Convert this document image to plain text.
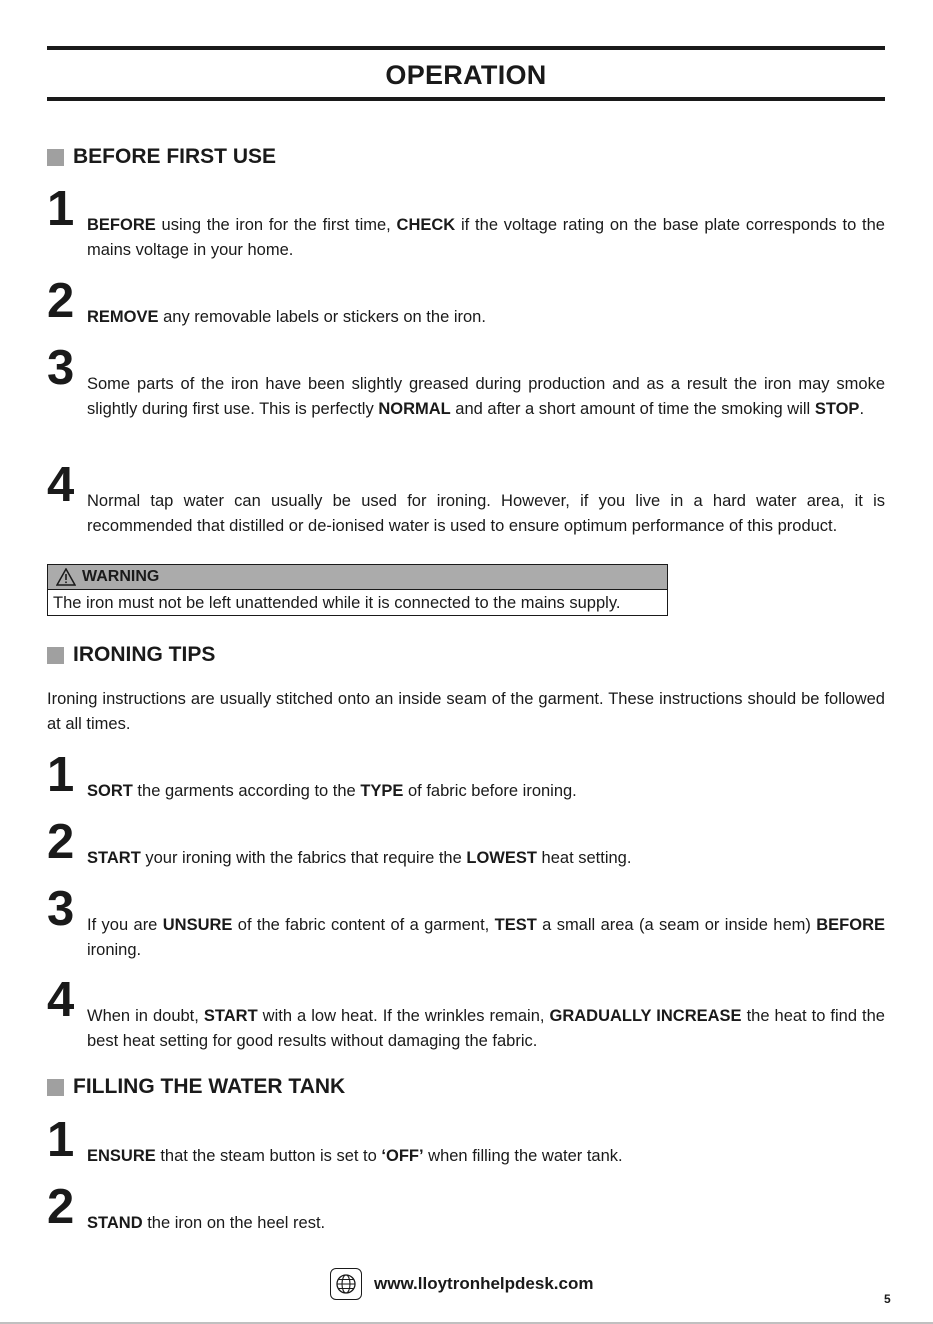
OPERATION
BEFORE FIRST USE
1 BEFORE using the iron for the first time, CHECK if the voltage rating on the base plate corresponds to the mains voltage in your home.
2 REMOVE any removable labels or stickers on the iron.
3 Some parts of the iron have been slightly greased during production and as a result the iron may smoke slightly during first use. This is perfectly NORMAL and after a short amount of time the smoking will STOP.
4 Normal tap water can usually be used for ironing. However, if you live in a hard water area, it is recommended that distilled or de-ionised water is used to ensure optimum performance of this product.
WARNING
The iron must not be left unattended while it is connected to the mains supply.
IRONING TIPS
Ironing instructions are usually stitched onto an inside seam of the garment. These instructions should be followed at all times.
1 SORT the garments according to the TYPE of fabric before ironing.
2 START your ironing with the fabrics that require the LOWEST heat setting.
3 If you are UNSURE of the fabric content of a garment, TEST a small area (a seam or inside hem) BEFORE ironing.
4 When in doubt, START with a low heat. If the wrinkles remain, GRADUALLY INCREASE the heat to find the best heat setting for good results without damaging the fabric.
FILLING THE WATER TANK
1 ENSURE that the steam button is set to ‘OFF’ when filling the water tank.
2 STAND the iron on the heel rest.
www.lloytronhelpdesk.com
5
